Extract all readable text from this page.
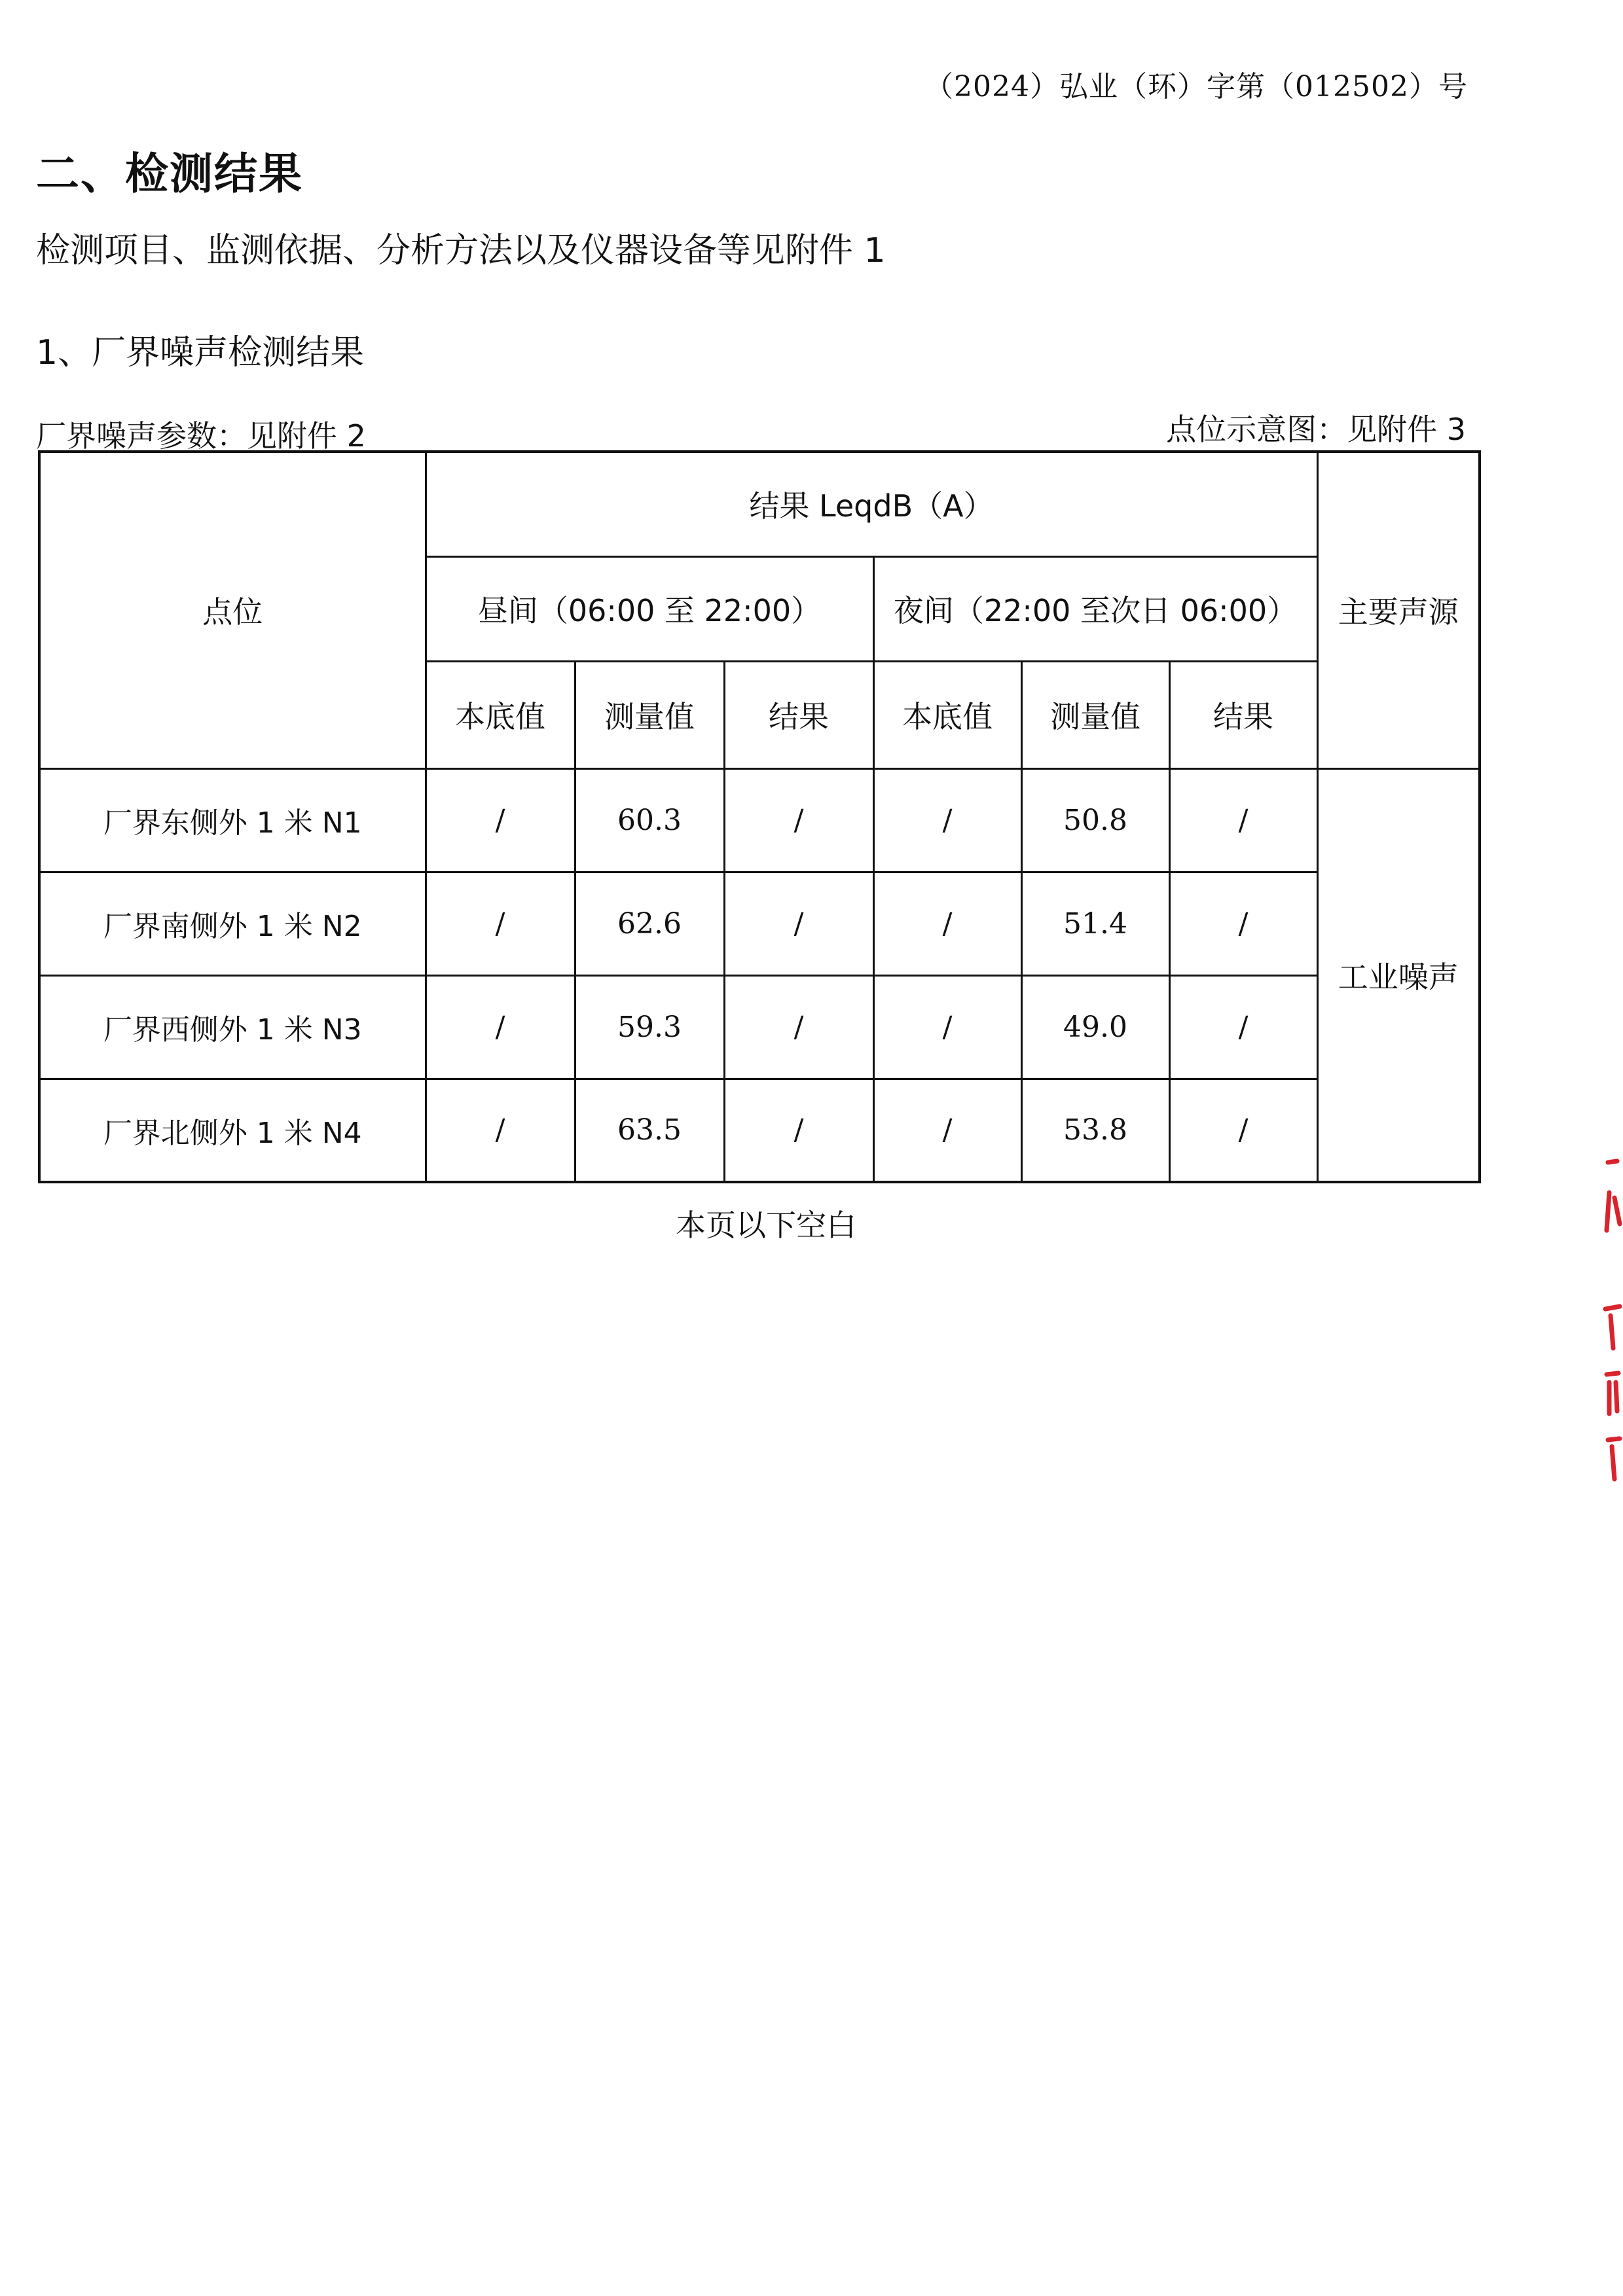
（2024）弘业（环）字第（012502）号
二、检测结果
检测项目、监测依据、分析方法以及仪器设备等见附件 1
1、厂界噪声检测结果
厂界噪声参数：见附件 2	点位示意图：见附件 3
点位	结果 LeqdB（A）						主要声源
	昼间（06:00 至 22:00）			夜间（22:00 至次日 06:00）			
	本底值	测量值	结果	本底值	测量值	结果	
厂界东侧外 1 米 N1	/	60.3	/	/	50.8	/	工业噪声
厂界南侧外 1 米 N2	/	62.6	/	/	51.4	/	
厂界西侧外 1 米 N3	/	59.3	/	/	49.0	/	
厂界北侧外 1 米 N4	/	63.5	/	/	53.8	/	
本页以下空白
